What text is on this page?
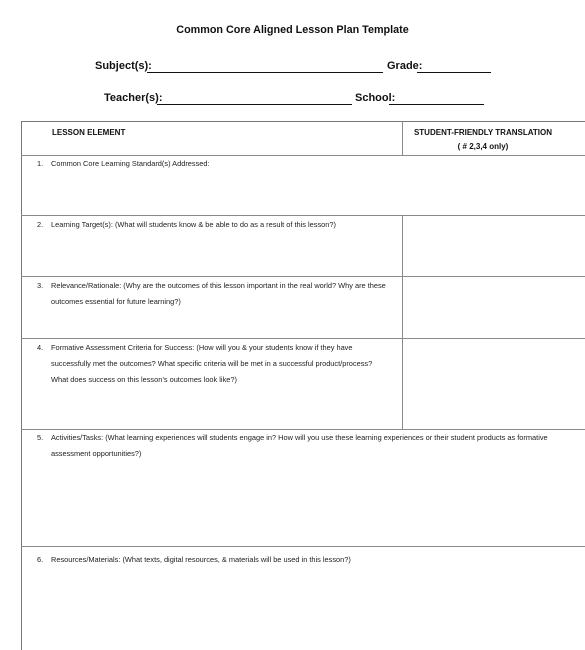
Common Core Aligned Lesson Plan Template
Subject(s):	Grade:
Teacher(s):	School:
LESSON ELEMENT	STUDENT-FRIENDLY TRANSLATION
( # 2,3,4 only)
1. Common Core Learning Standard(s) Addressed:
2. Learning Target(s): (What will students know & be able to do as a result of this lesson?)
3. Relevance/Rationale: (Why are the outcomes of this lesson important in the real world? Why are these
outcomes essential for future learning?)
4. Formative Assessment Criteria for Success: (How will you & your students know if they have
successfully met the outcomes? What specific criteria will be met in a successful product/process?
What does success on this lesson’s outcomes look like?)
5. Activities/Tasks: (What learning experiences will students engage in? How will you use these learning experiences or their student products as formative
assessment opportunities?)
6. Resources/Materials: (What texts, digital resources, & materials will be used in this lesson?)
